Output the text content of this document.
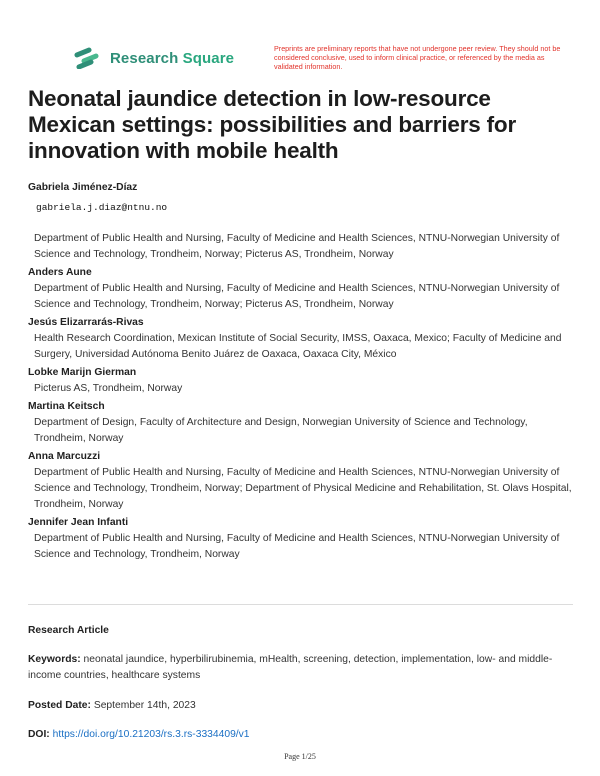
Research Square
Preprints are preliminary reports that have not undergone peer review. They should not be considered conclusive, used to inform clinical practice, or referenced by the media as validated information.
Neonatal jaundice detection in low-resource Mexican settings: possibilities and barriers for innovation with mobile health
Gabriela Jiménez-Díaz
gabriela.j.diaz@ntnu.no
Department of Public Health and Nursing, Faculty of Medicine and Health Sciences, NTNU-Norwegian University of Science and Technology, Trondheim, Norway; Picterus AS, Trondheim, Norway
Anders Aune
Department of Public Health and Nursing, Faculty of Medicine and Health Sciences, NTNU-Norwegian University of Science and Technology, Trondheim, Norway; Picterus AS, Trondheim, Norway
Jesús Elizarrarás-Rivas
Health Research Coordination, Mexican Institute of Social Security, IMSS, Oaxaca, Mexico; Faculty of Medicine and Surgery, Universidad Autónoma Benito Juárez de Oaxaca, Oaxaca City, México
Lobke Marijn Gierman
Picterus AS, Trondheim, Norway
Martina Keitsch
Department of Design, Faculty of Architecture and Design, Norwegian University of Science and Technology, Trondheim, Norway
Anna Marcuzzi
Department of Public Health and Nursing, Faculty of Medicine and Health Sciences, NTNU-Norwegian University of Science and Technology, Trondheim, Norway; Department of Physical Medicine and Rehabilitation, St. Olavs Hospital, Trondheim, Norway
Jennifer Jean Infanti
Department of Public Health and Nursing, Faculty of Medicine and Health Sciences, NTNU-Norwegian University of Science and Technology, Trondheim, Norway
Research Article
Keywords: neonatal jaundice, hyperbilirubinemia, mHealth, screening, detection, implementation, low- and middle-income countries, healthcare systems
Posted Date: September 14th, 2023
DOI: https://doi.org/10.21203/rs.3.rs-3334409/v1
Page 1/25
